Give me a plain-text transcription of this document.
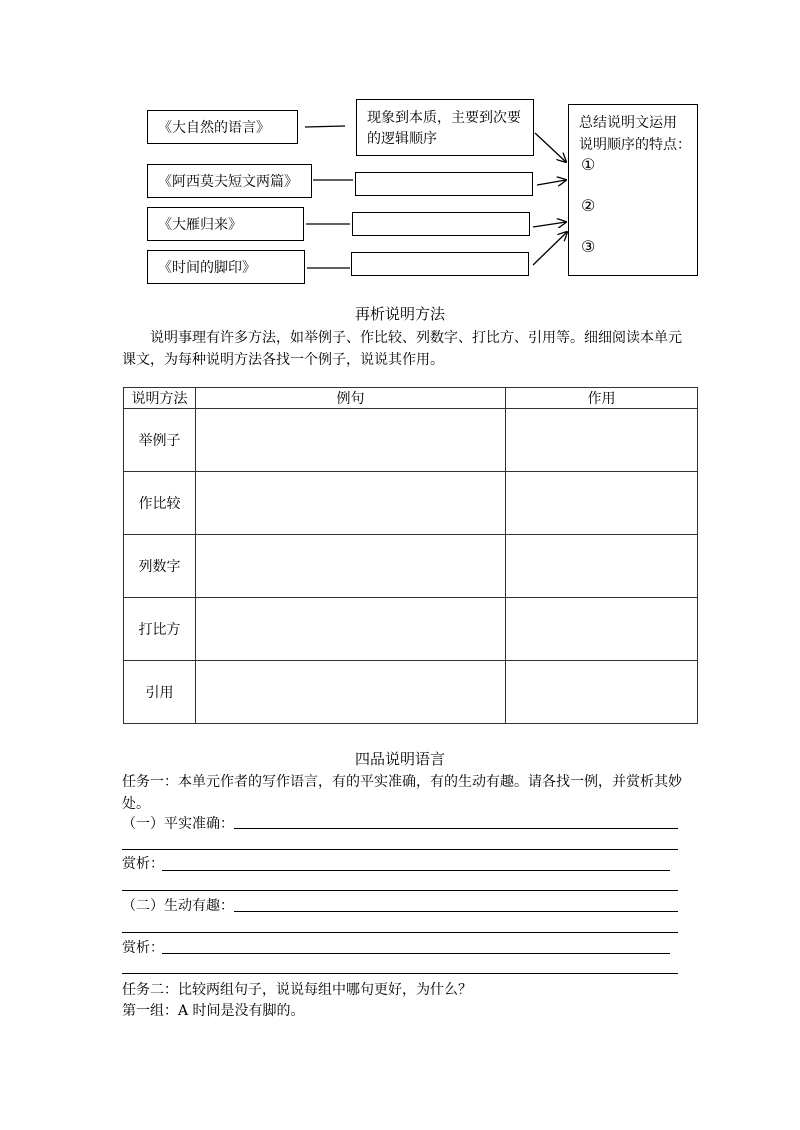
《大自然的语言》
《阿西莫夫短文两篇》
《大雁归来》
《时间的脚印》
现象到本质，主要到次要
的逻辑顺序
总结说明文运用
说明顺序的特点：
①
②
③
再析说明方法
说明事理有许多方法，如举例子、作比较、列数字、打比方、引用等。细细阅读本单元课文，为每种说明方法各找一个例子，说说其作用。
说明方法	例句	作用
举例子		
作比较		
列数字		
打比方		
引用		
四品说明语言
任务一：本单元作者的写作语言，有的平实准确，有的生动有趣。请各找一例，并赏析其妙处。
（一）平实准确：
赏析：
（二）生动有趣：
赏析：
任务二：比较两组句子，说说每组中哪句更好，为什么？
第一组：A 时间是没有脚的。
